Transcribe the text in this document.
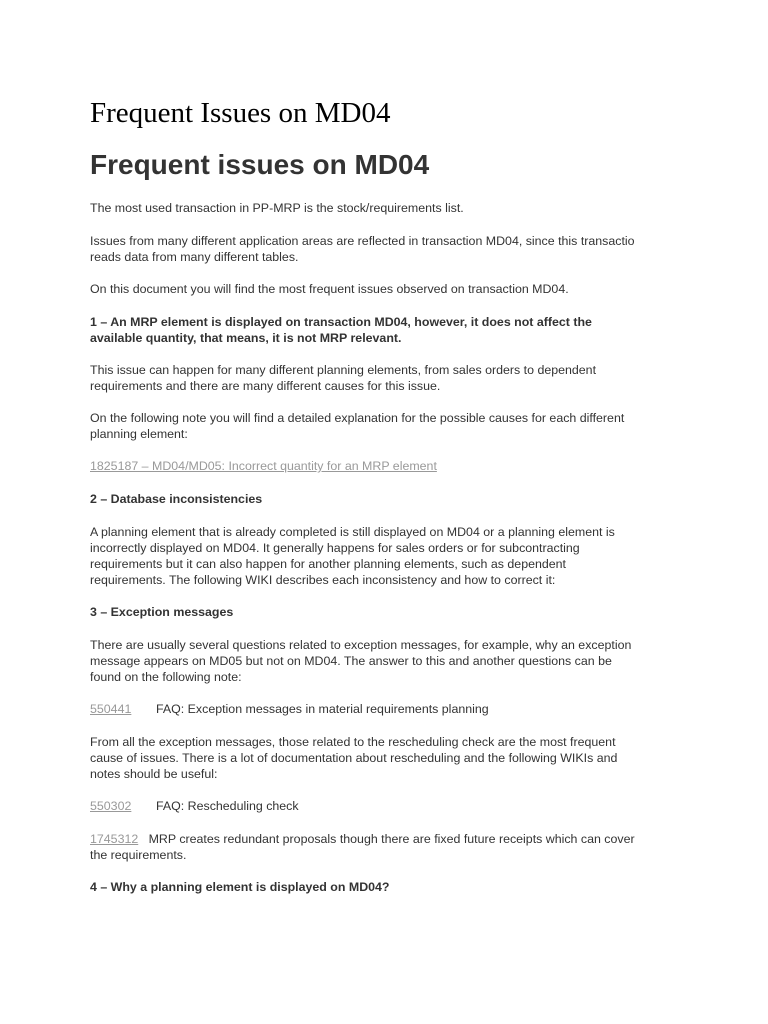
Frequent Issues on MD04
Frequent issues on MD04

The most used transaction in PP-MRP is the stock/requirements list.

Issues from many different application areas are reflected in transaction MD04, since this transactio
reads data from many different tables.

On this document you will find the most frequent issues observed on transaction MD04.

1 – An MRP element is displayed on transaction MD04, however, it does not affect the
available quantity, that means, it is not MRP relevant.

This issue can happen for many different planning elements, from sales orders to dependent
requirements and there are many different causes for this issue.

On the following note you will find a detailed explanation for the possible causes for each different
planning element:

1825187 – MD04/MD05: Incorrect quantity for an MRP element

2 – Database inconsistencies

A planning element that is already completed is still displayed on MD04 or a planning element is
incorrectly displayed on MD04. It generally happens for sales orders or for subcontracting
requirements but it can also happen for another planning elements, such as dependent
requirements. The following WIKI describes each inconsistency and how to correct it:

3 – Exception messages

There are usually several questions related to exception messages, for example, why an exception
message appears on MD05 but not on MD04. The answer to this and another questions can be
found on the following note:

550441 FAQ: Exception messages in material requirements planning

From all the exception messages, those related to the rescheduling check are the most frequent
cause of issues. There is a lot of documentation about rescheduling and the following WIKIs and
notes should be useful:

550302 FAQ: Rescheduling check

1745312 MRP creates redundant proposals though there are fixed future receipts which can cover
the requirements.

4 – Why a planning element is displayed on MD04?
